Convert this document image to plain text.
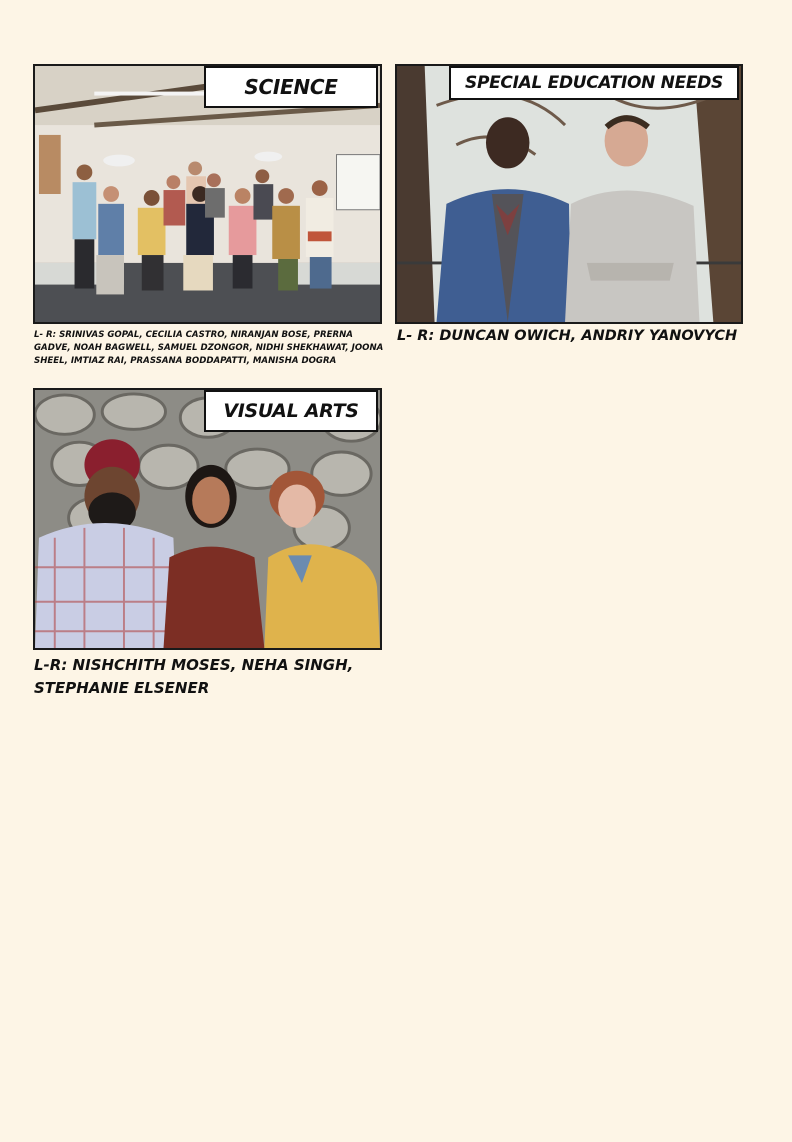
SCIENCE

L- R: SRINIVAS GOPAL, CECILIA CASTRO, NIRANJAN BOSE, PRERNA GADVE, NOAH BAGWELL, SAMUEL DZONGOR, NIDHI SHEKHAWAT, JOONA SHEEL, IMTIAZ RAI, PRASSANA BODDAPATTI, MANISHA DOGRA

SPECIAL EDUCATION NEEDS

L- R: DUNCAN OWICH, ANDRIY YANOVYCH

VISUAL ARTS

L-R: NISHCHITH MOSES, NEHA SINGH, STEPHANIE ELSENER
